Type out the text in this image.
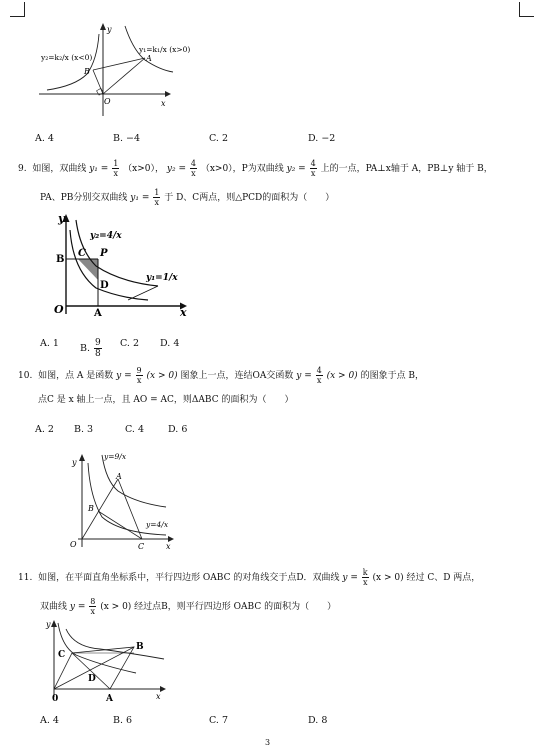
y₂=k₂/x (x<0)
y₁=k₁/x (x>0)
A
B
O	x
y
A. 4	B. −4	C. 2	D. −2
9. 如图，双曲线 $y_1 = \frac{1}{x} (x>0)$， $y_2 = \frac{4}{x} (x>0)$，P为双曲线 $y_2 = \frac{4}{x}$ 上的一点，PA⊥x轴于 A，PB⊥y 轴于 B，
PA、PB分别交双曲线 $y_1 = \frac{1}{x}$ 于 D、C两点，则△PCD的面积为（　　）
y
x
O	A
B
C
D
P
y₂=4/x
y₁=1/x
A. 1 B. $\frac{9}{8} C$. 2 D. 4
10. 如图，点 A 是函数 $y = \frac{9}{x} (x > 0)$ 图象上一点，连结OA交函数 $y = \frac{4}{x} (x > 0)$ 的图象于点 B，
点C 是 x 轴上一点，且 AO = AC，则ΔABC 的面积为（　　）
A. 2 B. 3	C. 4	D. 6
y
x
O
A
B
C
y=9/x
y=4/x
11. 如图，在平面直角坐标系中，平行四边形 OABC 的对角线交于点D．双曲线 $y = \frac{k}{x} (x > 0)$ 经过 C、D 两点，
双曲线 $y = \frac{8}{x} (x > 0)$ 经过点B，则平行四边形 OABC 的面积为（　　）
y
x
0	A
B
C
D
A. 4	B. 6	C. 7	D. 8
3
